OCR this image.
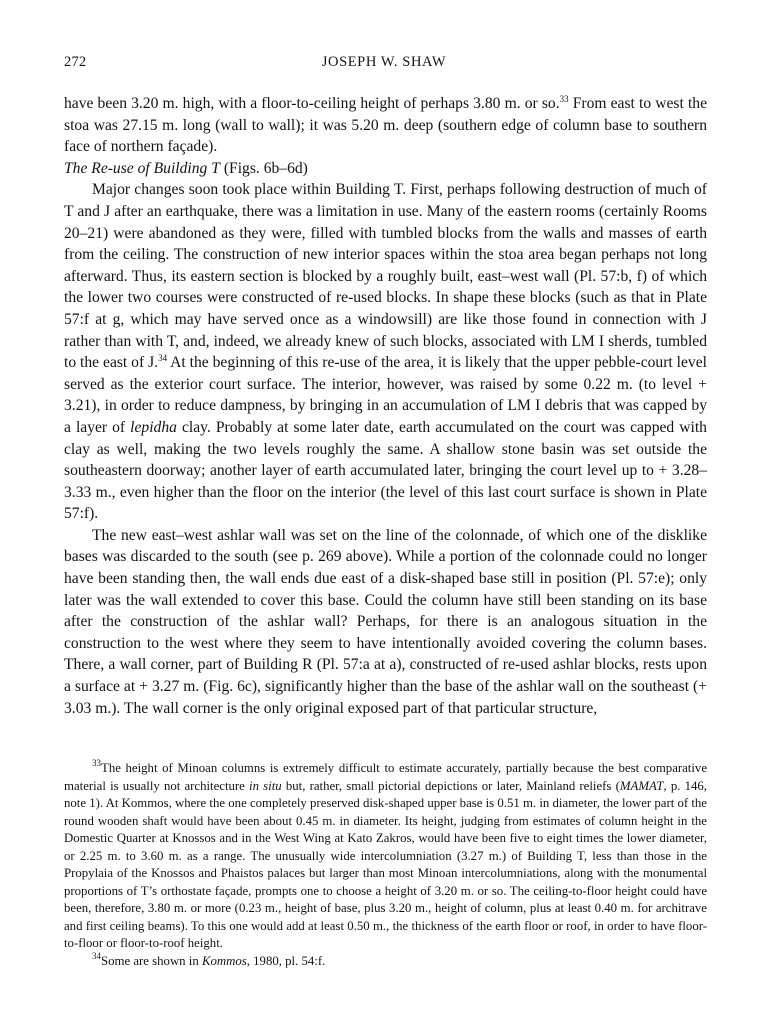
272	JOSEPH W. SHAW

have been 3.20 m. high, with a floor-to-ceiling height of perhaps 3.80 m. or so.$^{33}$ From east to west the stoa was 27.15 m. long (wall to wall); it was 5.20 m. deep (southern edge of column base to southern face of northern façade).

The Re-use of Building T (Figs. 6b–6d)

Major changes soon took place within Building T. First, perhaps following destruction of much of T and J after an earthquake, there was a limitation in use. Many of the eastern rooms (certainly Rooms 20–21) were abandoned as they were, filled with tumbled blocks from the walls and masses of earth from the ceiling. The construction of new interior spaces within the stoa area began perhaps not long afterward. Thus, its eastern section is blocked by a roughly built, east–west wall (Pl. 57:b, f) of which the lower two courses were constructed of re-used blocks. In shape these blocks (such as that in Plate 57:f at g, which may have served once as a windowsill) are like those found in connection with J rather than with T, and, indeed, we already knew of such blocks, associated with LM I sherds, tumbled to the east of J.$^{34}$ At the beginning of this re-use of the area, it is likely that the upper pebble-court level served as the exterior court surface. The interior, however, was raised by some 0.22 m. (to level + 3.21), in order to reduce dampness, by bringing in an accumulation of LM I debris that was capped by a layer of lepidha clay. Probably at some later date, earth accumulated on the court was capped with clay as well, making the two levels roughly the same. A shallow stone basin was set outside the southeastern doorway; another layer of earth accumulated later, bringing the court level up to + 3.28–3.33 m., even higher than the floor on the interior (the level of this last court surface is shown in Plate 57:f).

The new east–west ashlar wall was set on the line of the colonnade, of which one of the disklike bases was discarded to the south (see p. 269 above). While a portion of the colonnade could no longer have been standing then, the wall ends due east of a disk-shaped base still in position (Pl. 57:e); only later was the wall extended to cover this base. Could the column have still been standing on its base after the construction of the ashlar wall? Perhaps, for there is an analogous situation in the construction to the west where they seem to have intentionally avoided covering the column bases. There, a wall corner, part of Building R (Pl. 57:a at a), constructed of re-used ashlar blocks, rests upon a surface at + 3.27 m. (Fig. 6c), significantly higher than the base of the ashlar wall on the southeast (+ 3.03 m.). The wall corner is the only original exposed part of that particular structure,

$^{33}$The height of Minoan columns is extremely difficult to estimate accurately, partially because the best comparative material is usually not architecture in situ but, rather, small pictorial depictions or later, Mainland reliefs (MAMAT, p. 146, note 1). At Kommos, where the one completely preserved disk-shaped upper base is 0.51 m. in diameter, the lower part of the round wooden shaft would have been about 0.45 m. in diameter. Its height, judging from estimates of column height in the Domestic Quarter at Knossos and in the West Wing at Kato Zakros, would have been five to eight times the lower diameter, or 2.25 m. to 3.60 m. as a range. The unusually wide intercolumniation (3.27 m.) of Building T, less than those in the Propylaia of the Knossos and Phaistos palaces but larger than most Minoan intercolumniations, along with the monumental proportions of T’s orthostate façade, prompts one to choose a height of 3.20 m. or so. The ceiling-to-floor height could have been, therefore, 3.80 m. or more (0.23 m., height of base, plus 3.20 m., height of column, plus at least 0.40 m. for architrave and first ceiling beams). To this one would add at least 0.50 m., the thickness of the earth floor or roof, in order to have floor-to-floor or floor-to-roof height.

$^{34}$Some are shown in Kommos, 1980, pl. 54:f.
